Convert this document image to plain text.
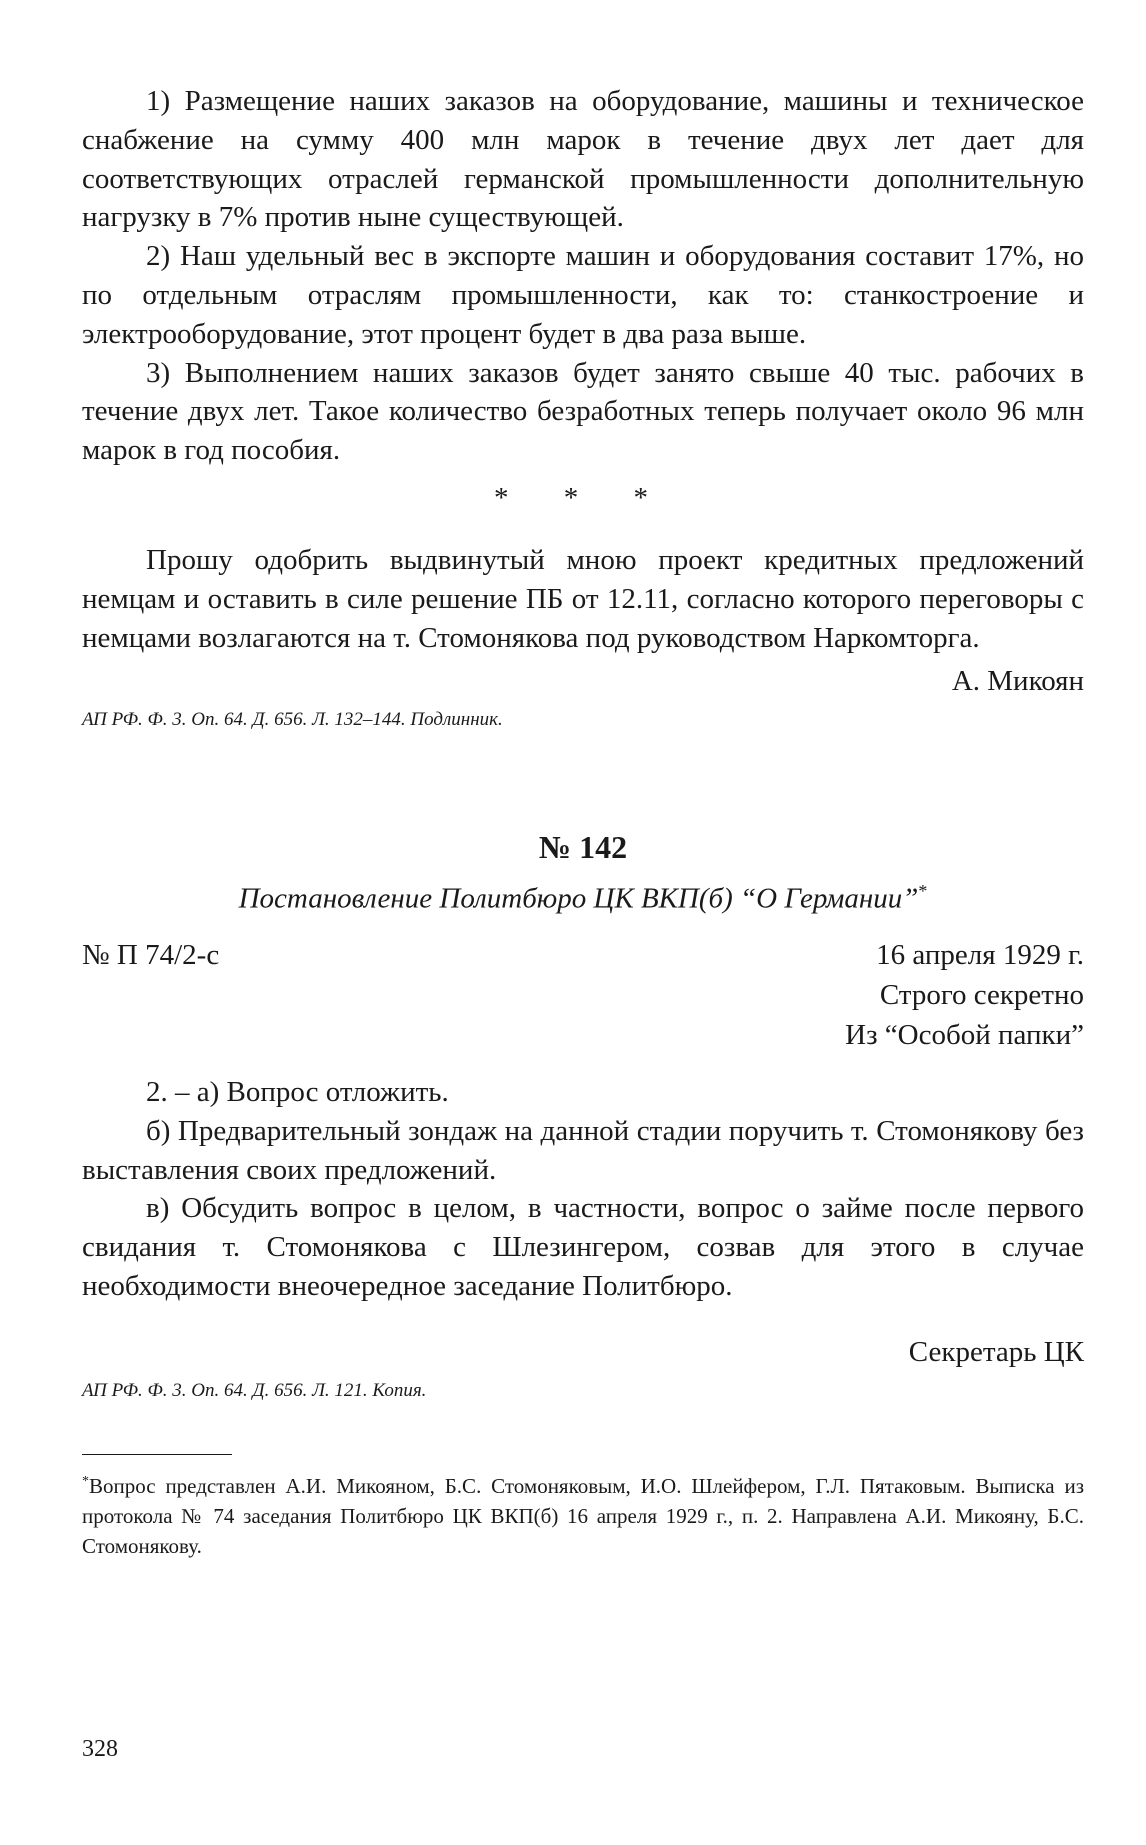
1) Размещение наших заказов на оборудование, машины и техническое снабжение на сумму 400 млн марок в течение двух лет дает для соответствующих отраслей германской промышленности дополнительную нагрузку в 7% против ныне существующей.

2) Наш удельный вес в экспорте машин и оборудования составит 17%, но по отдельным отраслям промышленности, как то: станкостроение и электрооборудование, этот процент будет в два раза выше.

3) Выполнением наших заказов будет занято свыше 40 тыс. рабочих в течение двух лет. Такое количество безработных теперь получает около 96 млн марок в год пособия.

* * *

Прошу одобрить выдвинутый мною проект кредитных предложений немцам и оставить в силе решение ПБ от 12.11, согласно которого переговоры с немцами возлагаются на т. Стомонякова под руководством Наркомторга.

А. Микоян
АП РФ. Ф. 3. Оп. 64. Д. 656. Л. 132–144. Подлинник.
№ 142
Постановление Политбюро ЦК ВКП(б) “О Германии”*
№ П 74/2-с	16 апреля 1929 г.
Строго секретно
Из “Особой папки”

2. – а) Вопрос отложить.

б) Предварительный зондаж на данной стадии поручить т. Стомонякову без выставления своих предложений.

в) Обсудить вопрос в целом, в частности, вопрос о займе после первого свидания т. Стомонякова с Шлезингером, созвав для этого в случае необходимости внеочередное заседание Политбюро.

Секретарь ЦК
АП РФ. Ф. 3. Оп. 64. Д. 656. Л. 121. Копия.

*Вопрос представлен А.И. Микояном, Б.С. Стомоняковым, И.О. Шлейфером, Г.Л. Пятаковым. Выписка из протокола № 74 заседания Политбюро ЦК ВКП(б) 16 апреля 1929 г., п. 2. Направлена А.И. Микояну, Б.С. Стомонякову.

328
